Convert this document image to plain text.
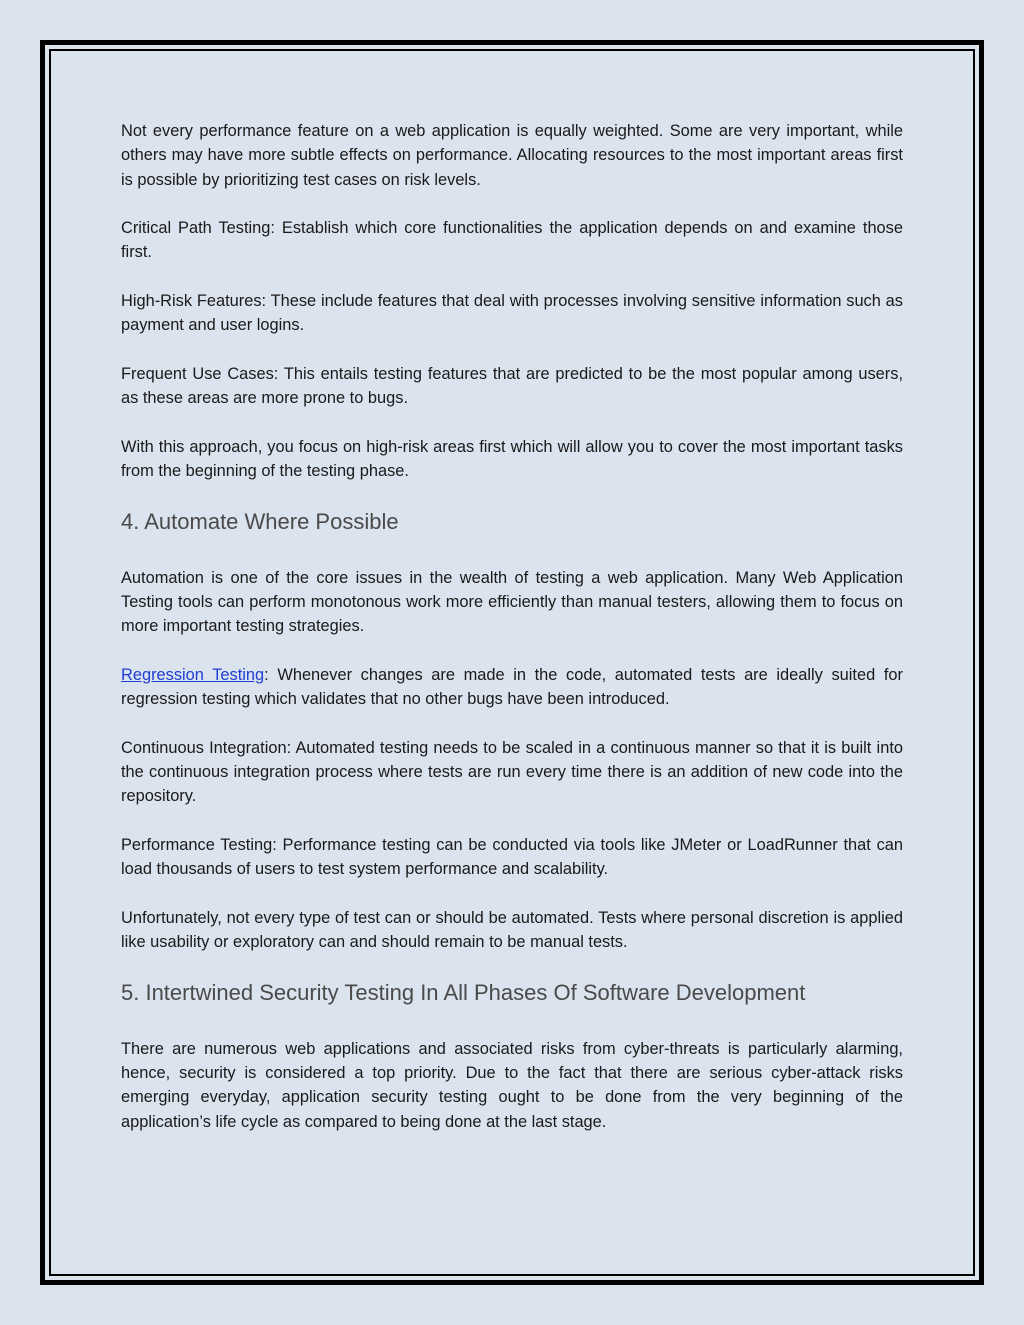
Not every performance feature on a web application is equally weighted. Some are very important, while others may have more subtle effects on performance. Allocating resources to the most important areas first is possible by prioritizing test cases on risk levels.

Critical Path Testing: Establish which core functionalities the application depends on and examine those first.

High-Risk Features: These include features that deal with processes involving sensitive information such as payment and user logins.

Frequent Use Cases: This entails testing features that are predicted to be the most popular among users, as these areas are more prone to bugs.

With this approach, you focus on high-risk areas first which will allow you to cover the most important tasks from the beginning of the testing phase.

4. Automate Where Possible

Automation is one of the core issues in the wealth of testing a web application. Many Web Application Testing tools can perform monotonous work more efficiently than manual testers, allowing them to focus on more important testing strategies.

Regression Testing: Whenever changes are made in the code, automated tests are ideally suited for regression testing which validates that no other bugs have been introduced.

Continuous Integration: Automated testing needs to be scaled in a continuous manner so that it is built into the continuous integration process where tests are run every time there is an addition of new code into the repository.

Performance Testing: Performance testing can be conducted via tools like JMeter or LoadRunner that can load thousands of users to test system performance and scalability.

Unfortunately, not every type of test can or should be automated. Tests where personal discretion is applied like usability or exploratory can and should remain to be manual tests.

5. Intertwined Security Testing In All Phases Of Software Development

There are numerous web applications and associated risks from cyber-threats is particularly alarming, hence, security is considered a top priority. Due to the fact that there are serious cyber-attack risks emerging everyday, application security testing ought to be done from the very beginning of the application’s life cycle as compared to being done at the last stage.
